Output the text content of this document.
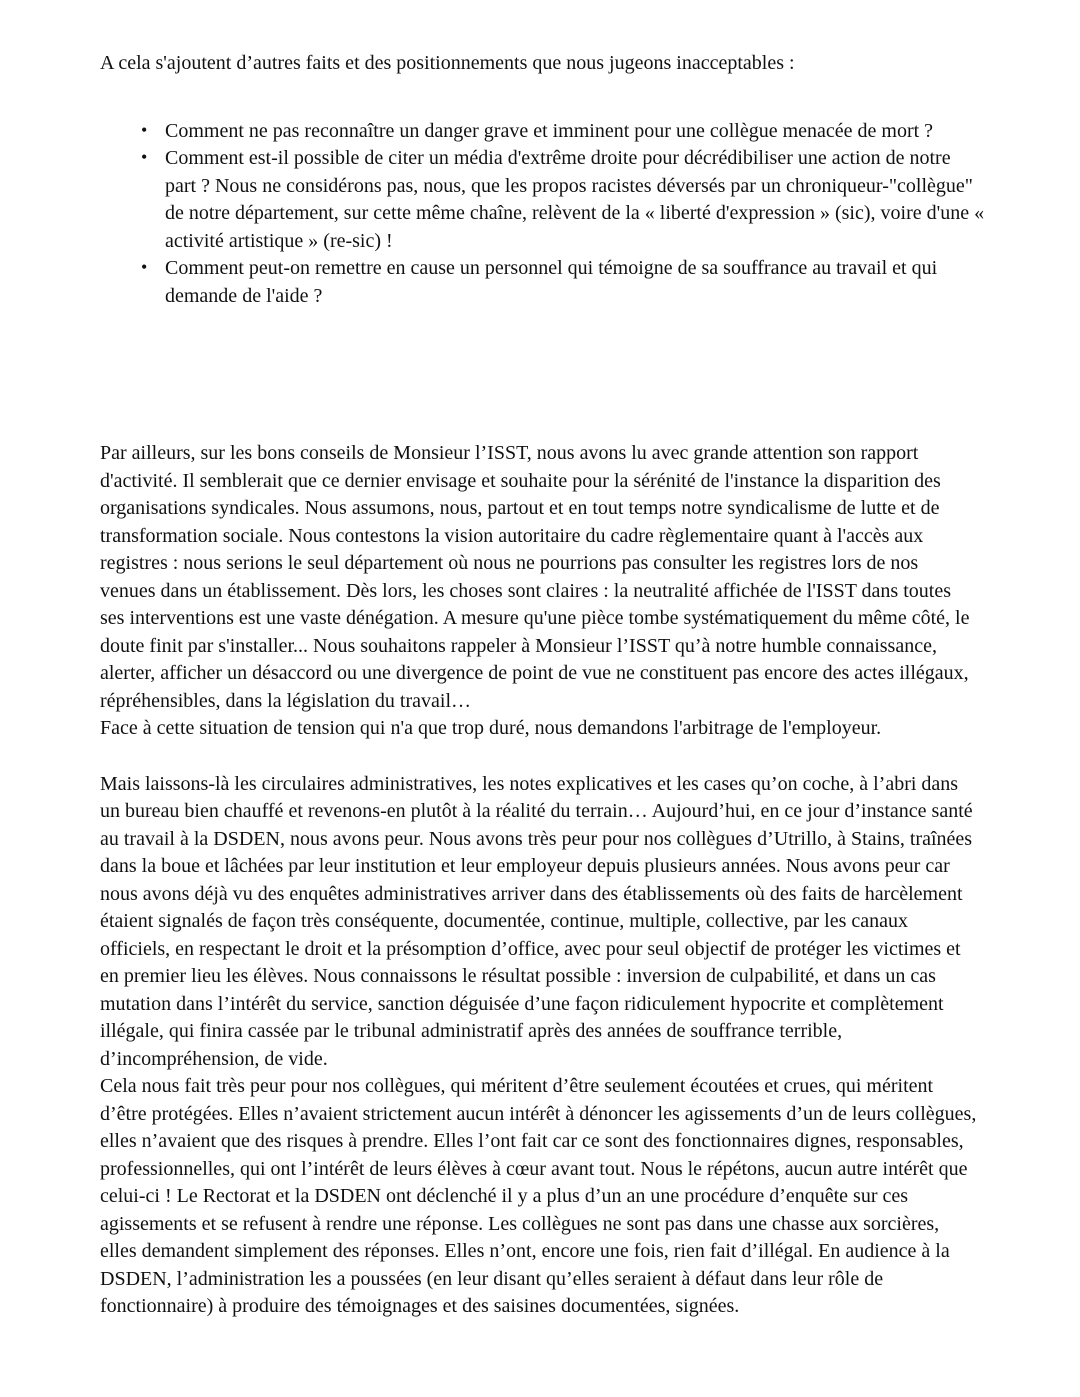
A cela s'ajoutent d’autres faits et des positionnements que nous jugeons inacceptables :

• Comment ne pas reconnaître un danger grave et imminent pour une collègue menacée de mort ?
• Comment est-il possible de citer un média d'extrême droite pour décrédibiliser une action de notre
part ? Nous ne considérons pas, nous, que les propos racistes déversés par un chroniqueur-"collègue"
de notre département, sur cette même chaîne, relèvent de la « liberté d'expression » (sic), voire d'une «
activité artistique » (re-sic) !
• Comment peut-on remettre en cause un personnel qui témoigne de sa souffrance au travail et qui
demande de l'aide ?
Par ailleurs, sur les bons conseils de Monsieur l’ISST, nous avons lu avec grande attention son rapport
d'activité. Il semblerait que ce dernier envisage et souhaite pour la sérénité de l'instance la disparition des
organisations syndicales. Nous assumons, nous, partout et en tout temps notre syndicalisme de lutte et de
transformation sociale. Nous contestons la vision autoritaire du cadre règlementaire quant à l'accès aux
registres : nous serions le seul département où nous ne pourrions pas consulter les registres lors de nos
venues dans un établissement. Dès lors, les choses sont claires : la neutralité affichée de l'ISST dans toutes
ses interventions est une vaste dénégation. A mesure qu'une pièce tombe systématiquement du même côté, le
doute finit par s'installer... Nous souhaitons rappeler à Monsieur l’ISST qu’à notre humble connaissance,
alerter, afficher un désaccord ou une divergence de point de vue ne constituent pas encore des actes illégaux,
répréhensibles, dans la législation du travail…
Face à cette situation de tension qui n'a que trop duré, nous demandons l'arbitrage de l'employeur.
Mais laissons-là les circulaires administratives, les notes explicatives et les cases qu’on coche, à l’abri dans
un bureau bien chauffé et revenons-en plutôt à la réalité du terrain… Aujourd’hui, en ce jour d’instance santé
au travail à la DSDEN, nous avons peur. Nous avons très peur pour nos collègues d’Utrillo, à Stains, traînées
dans la boue et lâchées par leur institution et leur employeur depuis plusieurs années. Nous avons peur car
nous avons déjà vu des enquêtes administratives arriver dans des établissements où des faits de harcèlement
étaient signalés de façon très conséquente, documentée, continue, multiple, collective, par les canaux
officiels, en respectant le droit et la présomption d’office, avec pour seul objectif de protéger les victimes et
en premier lieu les élèves. Nous connaissons le résultat possible : inversion de culpabilité, et dans un cas
mutation dans l’intérêt du service, sanction déguisée d’une façon ridiculement hypocrite et complètement
illégale, qui finira cassée par le tribunal administratif après des années de souffrance terrible,
d’incompréhension, de vide.
Cela nous fait très peur pour nos collègues, qui méritent d’être seulement écoutées et crues, qui méritent
d’être protégées. Elles n’avaient strictement aucun intérêt à dénoncer les agissements d’un de leurs collègues,
elles n’avaient que des risques à prendre. Elles l’ont fait car ce sont des fonctionnaires dignes, responsables,
professionnelles, qui ont l’intérêt de leurs élèves à cœur avant tout. Nous le répétons, aucun autre intérêt que
celui-ci ! Le Rectorat et la DSDEN ont déclenché il y a plus d’un an une procédure d’enquête sur ces
agissements et se refusent à rendre une réponse. Les collègues ne sont pas dans une chasse aux sorcières,
elles demandent simplement des réponses. Elles n’ont, encore une fois, rien fait d’illégal. En audience à la
DSDEN, l’administration les a poussées (en leur disant qu’elles seraient à défaut dans leur rôle de
fonctionnaire) à produire des témoignages et des saisines documentées, signées.
